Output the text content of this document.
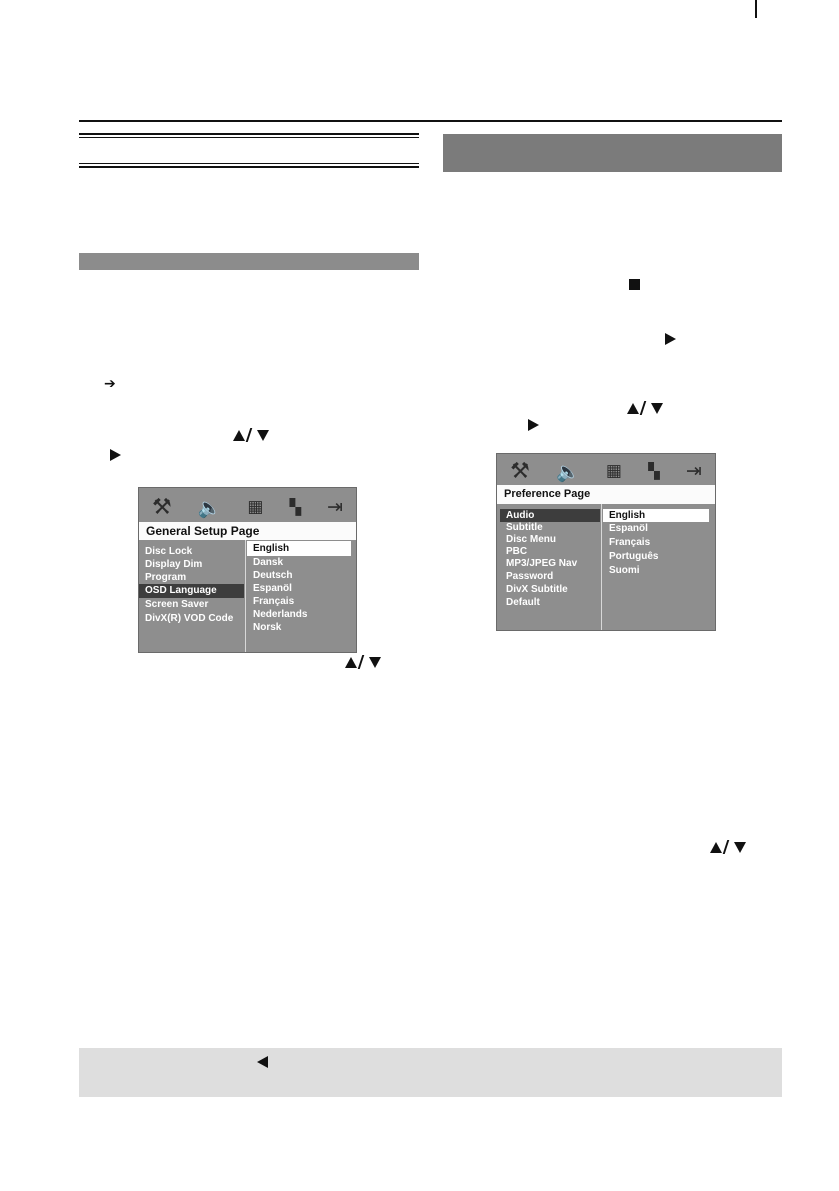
➔
⚒ 🔈 ▦ ▚ ⇥
General Setup Page
Disc Lock
Display Dim
Program
OSD Language
Screen Saver
DivX(R) VOD Code
English
Dansk
Deutsch
Espanöl
Français
Nederlands
Norsk
⚒ 🔈 ▦ ▚ ⇥
Preference Page
Audio
Subtitle
Disc Menu
PBC
MP3/JPEG Nav
Password
DivX Subtitle
Default
English
Espanöl
Français
Português
Suomi
